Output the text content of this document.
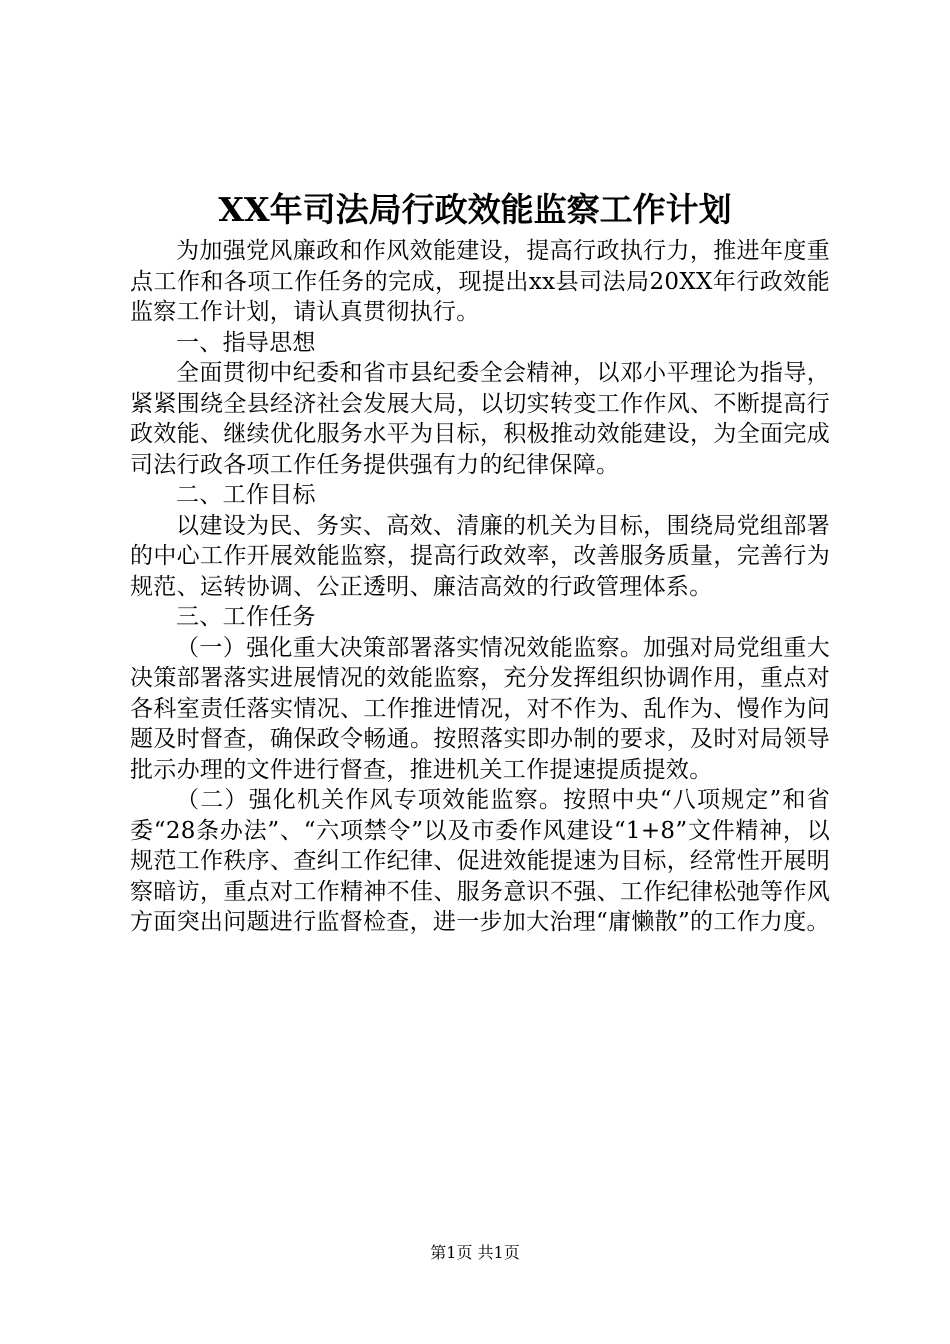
XX年司法局行政效能监察工作计划

为加强党风廉政和作风效能建设，提高行政执行力，推进年度重点工作和各项工作任务的完成，现提出xx县司法局20XX年行政效能监察工作计划，请认真贯彻执行。

一、指导思想

全面贯彻中纪委和省市县纪委全会精神，以邓小平理论为指导，紧紧围绕全县经济社会发展大局，以切实转变工作作风、不断提高行政效能、继续优化服务水平为目标，积极推动效能建设，为全面完成司法行政各项工作任务提供强有力的纪律保障。

二、工作目标

以建设为民、务实、高效、清廉的机关为目标，围绕局党组部署的中心工作开展效能监察，提高行政效率，改善服务质量，完善行为规范、运转协调、公正透明、廉洁高效的行政管理体系。

三、工作任务

（一）强化重大决策部署落实情况效能监察。加强对局党组重大决策部署落实进展情况的效能监察，充分发挥组织协调作用，重点对各科室责任落实情况、工作推进情况，对不作为、乱作为、慢作为问题及时督查，确保政令畅通。按照落实即办制的要求，及时对局领导批示办理的文件进行督查，推进机关工作提速提质提效。

（二）强化机关作风专项效能监察。按照中央“八项规定”和省委“28条办法”、“六项禁令”以及市委作风建设“1+8”文件精神，以规范工作秩序、查纠工作纪律、促进效能提速为目标，经常性开展明察暗访，重点对工作精神不佳、服务意识不强、工作纪律松弛等作风方面突出问题进行监督检查，进一步加大治理“庸懒散”的工作力度。

第1页 共1页
